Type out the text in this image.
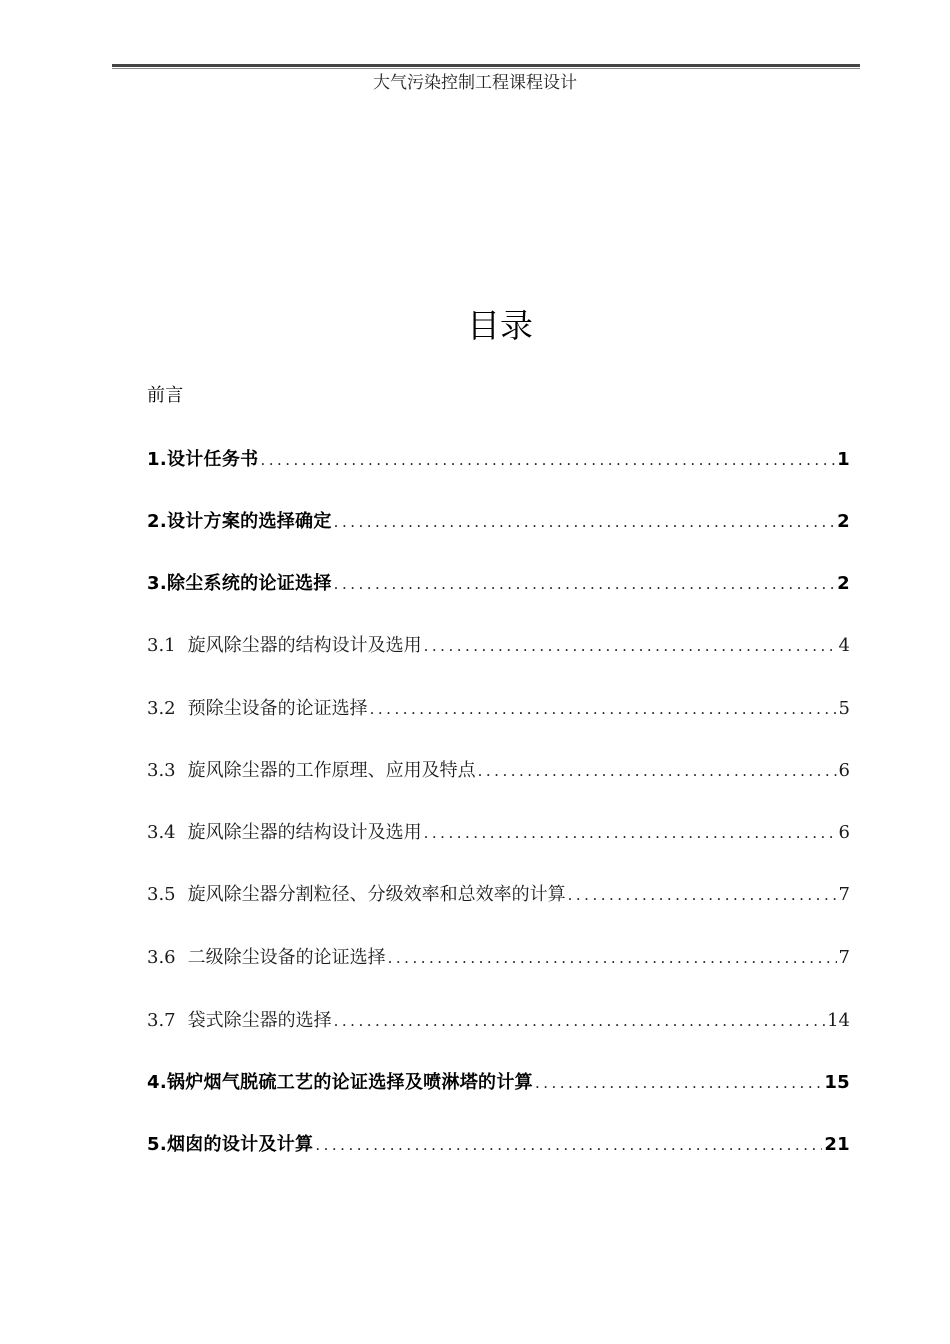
大气污染控制工程课程设计
目录
前言
1.设计任务书 .....	1
2.设计方案的选择确定 .....	2
3.除尘系统的论证选择 .....	2
3.1 旋风除尘器的结构设计及选用 .....	4
3.2 预除尘设备的论证选择 .....	5
3.3 旋风除尘器的工作原理、应用及特点 .....	6
3.4 旋风除尘器的结构设计及选用 .....	6
3.5 旋风除尘器分割粒径、分级效率和总效率的计算 .....	7
3.6 二级除尘设备的论证选择 .....	7
3.7 袋式除尘器的选择 .....	14
4.锅炉烟气脱硫工艺的论证选择及喷淋塔的计算 .....	15
5.烟囱的设计及计算 .....	21
